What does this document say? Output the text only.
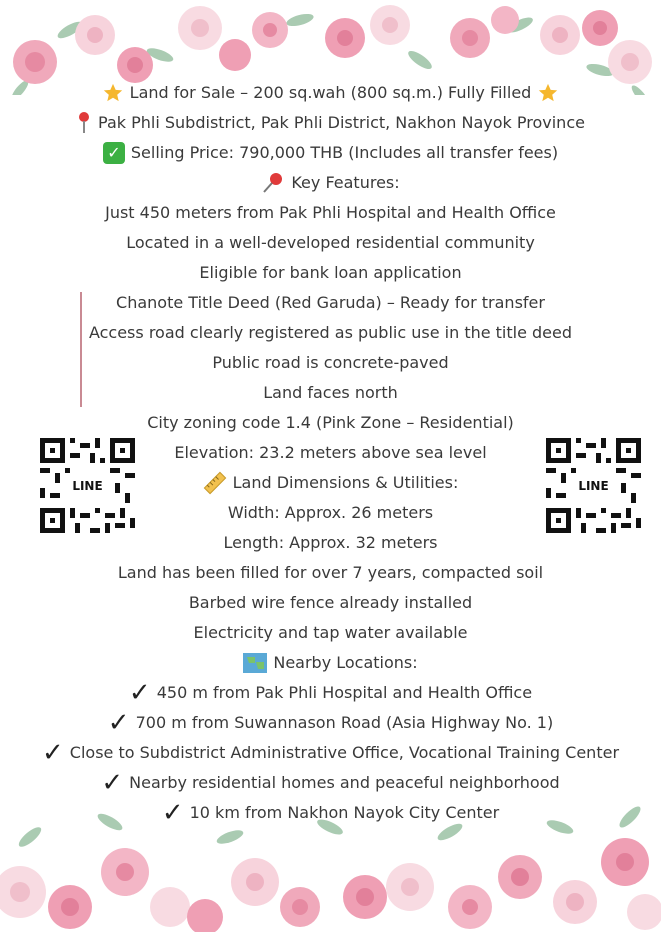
LINE	LINE
Land for Sale – 200 sq.wah (800 sq.m.) Fully Filled
Pak Phli Subdistrict, Pak Phli District, Nakhon Nayok Province
✓ Selling Price: 790,000 THB (Includes all transfer fees)
Key Features:
Just 450 meters from Pak Phli Hospital and Health Office
Located in a well-developed residential community
Eligible for bank loan application
Chanote Title Deed (Red Garuda) – Ready for transfer
Access road clearly registered as public use in the title deed
Public road is concrete-paved
Land faces north
City zoning code 1.4 (Pink Zone – Residential)
Elevation: 23.2 meters above sea level
Land Dimensions & Utilities:
Width: Approx. 26 meters
Length: Approx. 32 meters
Land has been filled for over 7 years, compacted soil
Barbed wire fence already installed
Electricity and tap water available
Nearby Locations:
✓ 450 m from Pak Phli Hospital and Health Office
✓ 700 m from Suwannason Road (Asia Highway No. 1)
✓ Close to Subdistrict Administrative Office, Vocational Training Center
✓ Nearby residential homes and peaceful neighborhood
✓ 10 km from Nakhon Nayok City Center
